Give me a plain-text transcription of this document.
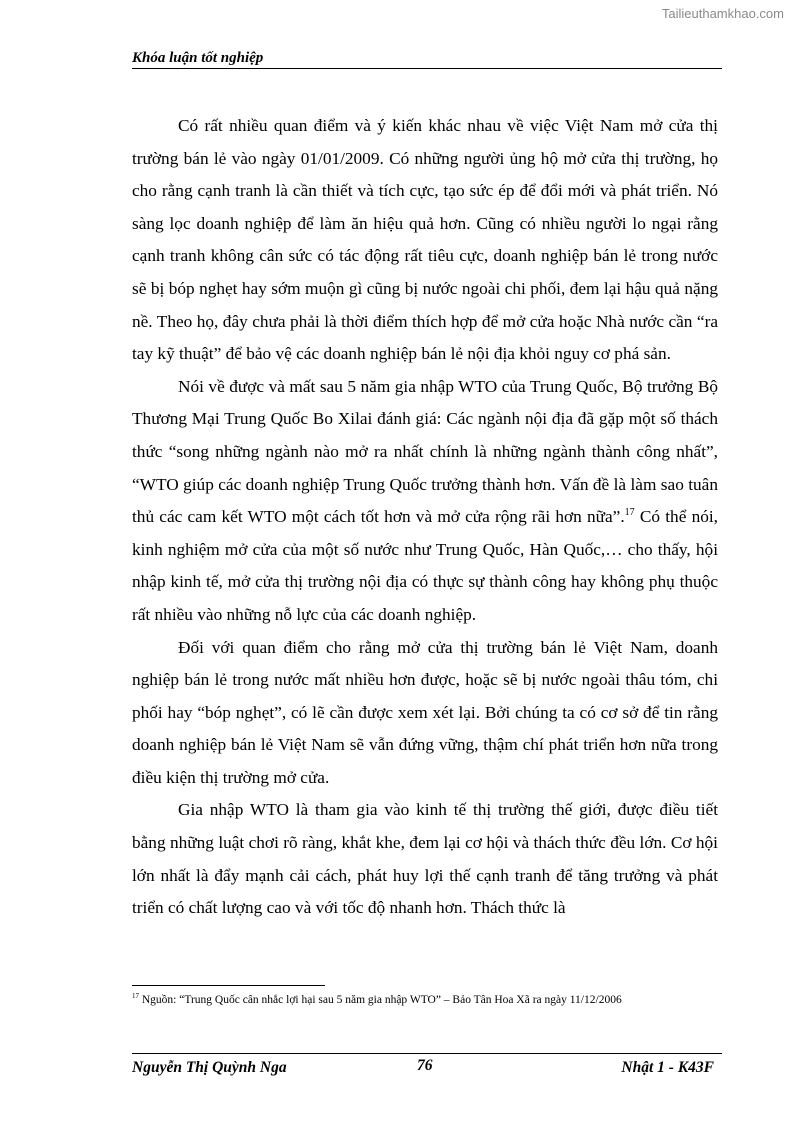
Tailieuthamkhao.com
Khóa luận tốt nghiệp

Có rất nhiều quan điểm và ý kiến khác nhau về việc Việt Nam mở cửa thị trường bán lẻ vào ngày 01/01/2009. Có những người ủng hộ mở cửa thị trường, họ cho rằng cạnh tranh là cần thiết và tích cực, tạo sức ép để đổi mới và phát triển. Nó sàng lọc doanh nghiệp để làm ăn hiệu quả hơn. Cũng có nhiều người lo ngại rằng cạnh tranh không cân sức có tác động rất tiêu cực, doanh nghiệp bán lẻ trong nước sẽ bị bóp nghẹt hay sớm muộn gì cũng bị nước ngoài chi phối, đem lại hậu quả nặng nề. Theo họ, đây chưa phải là thời điểm thích hợp để mở cửa hoặc Nhà nước cần “ra tay kỹ thuật” để bảo vệ các doanh nghiệp bán lẻ nội địa khỏi nguy cơ phá sản.

Nói về được và mất sau 5 năm gia nhập WTO của Trung Quốc, Bộ trưởng Bộ Thương Mại Trung Quốc Bo Xilai đánh giá: Các ngành nội địa đã gặp một số thách thức “song những ngành nào mở ra nhất chính là những ngành thành công nhất”, “WTO giúp các doanh nghiệp Trung Quốc trưởng thành hơn. Vấn đề là làm sao tuân thủ các cam kết WTO một cách tốt hơn và mở cửa rộng rãi hơn nữa”.$^{17}$ Có thể nói, kinh nghiệm mở cửa của một số nước như Trung Quốc, Hàn Quốc,… cho thấy, hội nhập kinh tế, mở cửa thị trường nội địa có thực sự thành công hay không phụ thuộc rất nhiều vào những nỗ lực của các doanh nghiệp.

Đối với quan điểm cho rằng mở cửa thị trường bán lẻ Việt Nam, doanh nghiệp bán lẻ trong nước mất nhiều hơn được, hoặc sẽ bị nước ngoài thâu tóm, chi phối hay “bóp nghẹt”, có lẽ cần được xem xét lại. Bởi chúng ta có cơ sở để tin rằng doanh nghiệp bán lẻ Việt Nam sẽ vẫn đứng vững, thậm chí phát triển hơn nữa trong điều kiện thị trường mở cửa.

Gia nhập WTO là tham gia vào kinh tế thị trường thế giới, được điều tiết bằng những luật chơi rõ ràng, khắt khe, đem lại cơ hội và thách thức đều lớn. Cơ hội lớn nhất là đẩy mạnh cải cách, phát huy lợi thế cạnh tranh để tăng trưởng và phát triển có chất lượng cao và với tốc độ nhanh hơn. Thách thức là

$^{17}$ Nguồn: “Trung Quốc cân nhắc lợi hại sau 5 năm gia nhập WTO” – Bảo Tân Hoa Xã ra ngày 11/12/2006
Nguyễn Thị Quỳnh Nga	76	Nhật 1 - K43F
